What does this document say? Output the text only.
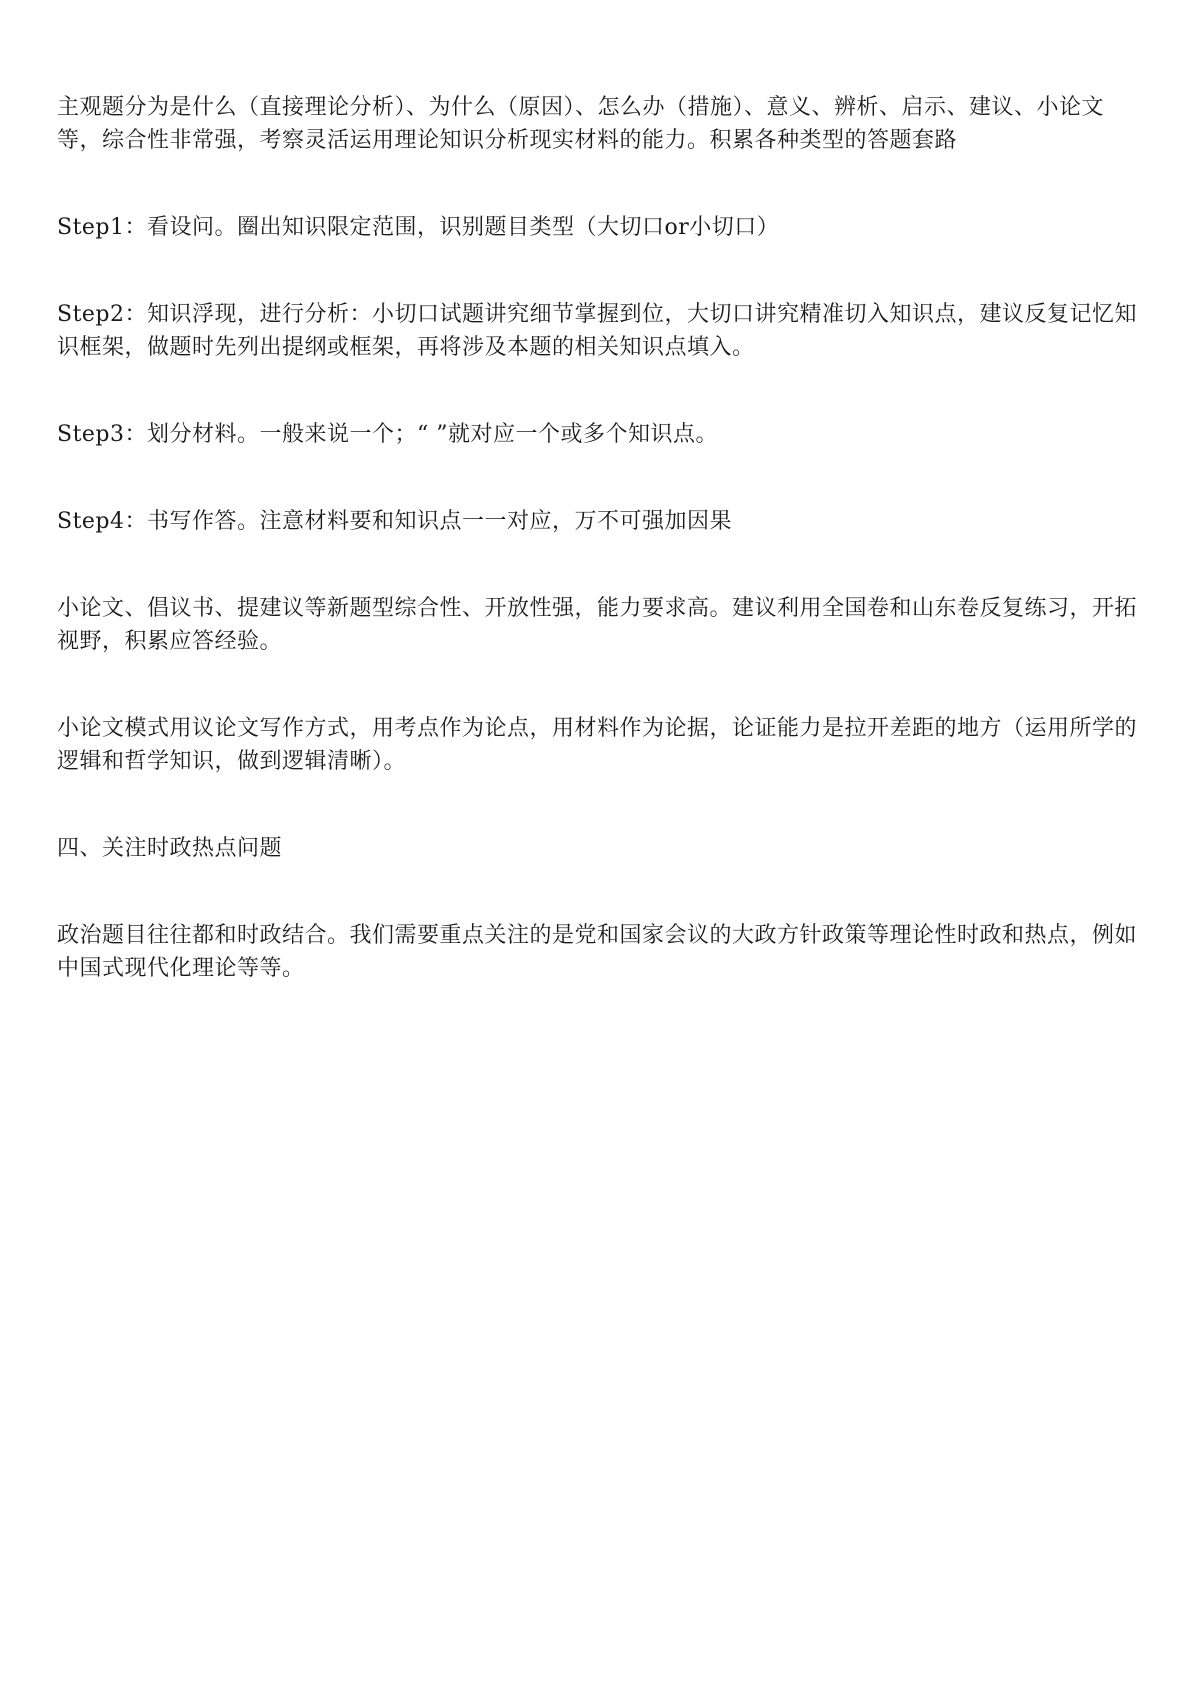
主观题分为是什么（直接理论分析）、为什么（原因）、怎么办（措施）、意义、辨析、启示、建议、小论文等，综合性非常强，考察灵活运用理论知识分析现实材料的能力。积累各种类型的答题套路

Step1：看设问。圈出知识限定范围，识别题目类型（大切口or小切口）

Step2：知识浮现，进行分析：小切口试题讲究细节掌握到位，大切口讲究精准切入知识点，建议反复记忆知识框架，做题时先列出提纲或框架，再将涉及本题的相关知识点填入。

Step3：划分材料。一般来说一个；“ ”就对应一个或多个知识点。

Step4：书写作答。注意材料要和知识点一一对应，万不可强加因果

小论文、倡议书、提建议等新题型综合性、开放性强，能力要求高。建议利用全国卷和山东卷反复练习，开拓视野，积累应答经验。

小论文模式用议论文写作方式，用考点作为论点，用材料作为论据，论证能力是拉开差距的地方（运用所学的逻辑和哲学知识，做到逻辑清晰）。

四、关注时政热点问题

政治题目往往都和时政结合。我们需要重点关注的是党和国家会议的大政方针政策等理论性时政和热点，例如中国式现代化理论等等。
